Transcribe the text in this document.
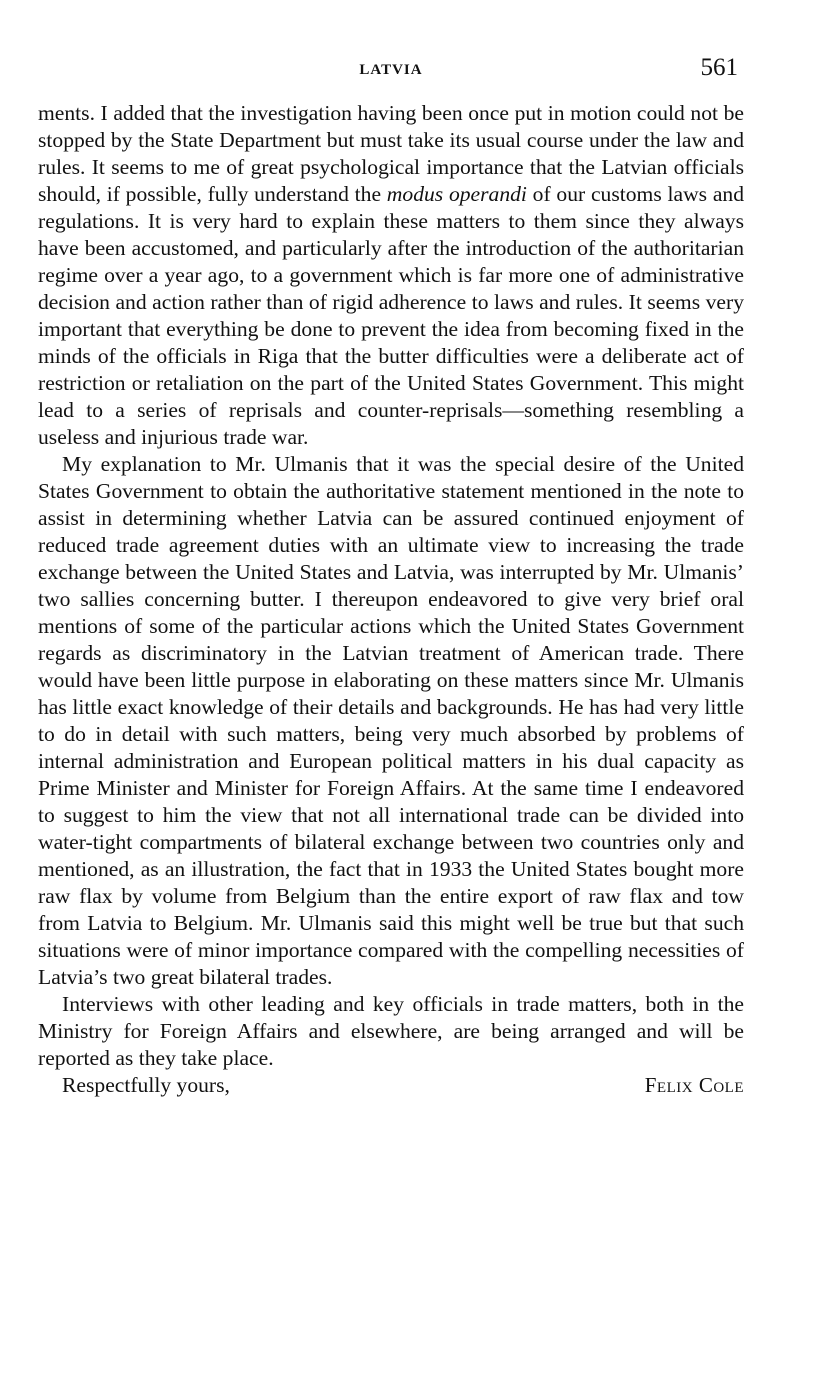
LATVIA	561

ments. I added that the investigation having been once put in motion could not be stopped by the State Department but must take its usual course under the law and rules. It seems to me of great psychological importance that the Latvian officials should, if possible, fully understand the modus operandi of our customs laws and regulations. It is very hard to explain these matters to them since they always have been accustomed, and particularly after the introduction of the authoritarian regime over a year ago, to a government which is far more one of administrative decision and action rather than of rigid adherence to laws and rules. It seems very important that everything be done to prevent the idea from becoming fixed in the minds of the officials in Riga that the butter difficulties were a deliberate act of restriction or retaliation on the part of the United States Government. This might lead to a series of reprisals and counter-reprisals—something resembling a useless and injurious trade war.

My explanation to Mr. Ulmanis that it was the special desire of the United States Government to obtain the authoritative statement mentioned in the note to assist in determining whether Latvia can be assured continued enjoyment of reduced trade agreement duties with an ultimate view to increasing the trade exchange between the United States and Latvia, was interrupted by Mr. Ulmanis’ two sallies concerning butter. I thereupon endeavored to give very brief oral mentions of some of the particular actions which the United States Government regards as discriminatory in the Latvian treatment of American trade. There would have been little purpose in elaborating on these matters since Mr. Ulmanis has little exact knowledge of their details and backgrounds. He has had very little to do in detail with such matters, being very much absorbed by problems of internal administration and European political matters in his dual capacity as Prime Minister and Minister for Foreign Affairs. At the same time I endeavored to suggest to him the view that not all international trade can be divided into water-tight compartments of bilateral exchange between two countries only and mentioned, as an illustration, the fact that in 1933 the United States bought more raw flax by volume from Belgium than the entire export of raw flax and tow from Latvia to Belgium. Mr. Ulmanis said this might well be true but that such situations were of minor importance compared with the compelling necessities of Latvia’s two great bilateral trades.

Interviews with other leading and key officials in trade matters, both in the Ministry for Foreign Affairs and elsewhere, are being arranged and will be reported as they take place.

Respectfully yours,	Felix Cole
